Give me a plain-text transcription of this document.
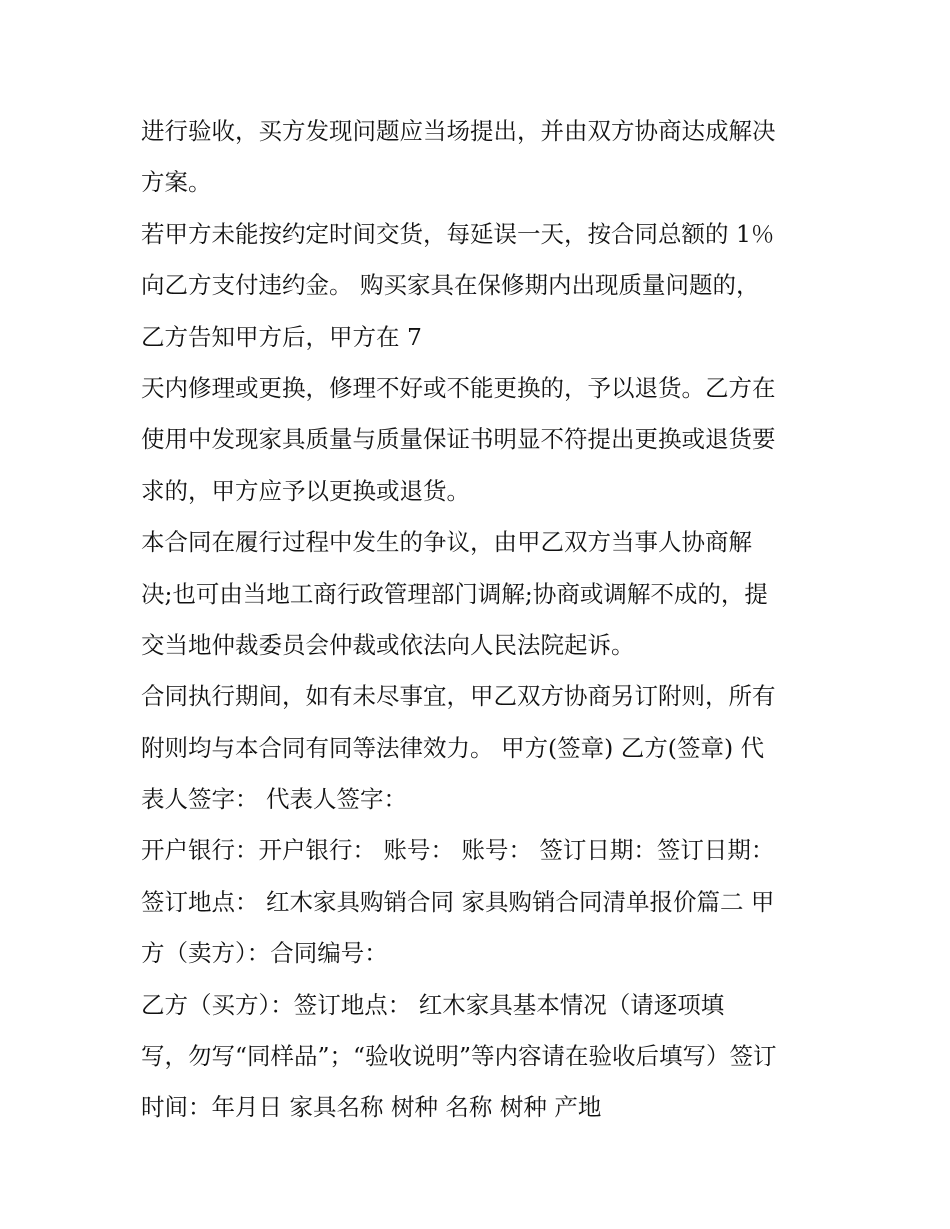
进行验收，买方发现问题应当场提出，并由双方协商达成解决
方案。
若甲方未能按约定时间交货，每延误一天，按合同总额的 1％
向乙方支付违约金。 购买家具在保修期内出现质量问题的，
乙方告知甲方后，甲方在 7
天内修理或更换，修理不好或不能更换的，予以退货。乙方在
使用中发现家具质量与质量保证书明显不符提出更换或退货要
求的，甲方应予以更换或退货。
本合同在履行过程中发生的争议，由甲乙双方当事人协商解
决;也可由当地工商行政管理部门调解;协商或调解不成的，提
交当地仲裁委员会仲裁或依法向人民法院起诉。
合同执行期间，如有未尽事宜，甲乙双方协商另订附则，所有
附则均与本合同有同等法律效力。 甲方(签章) 乙方(签章) 代
表人签字： 代表人签字：
开户银行：开户银行： 账号： 账号： 签订日期：签订日期：
签订地点： 红木家具购销合同 家具购销合同清单报价篇二 甲
方（卖方）：合同编号：
乙方（买方）：签订地点： 红木家具基本情况（请逐项填
写，勿写“同样品”；“验收说明”等内容请在验收后填写）签订
时间：年月日 家具名称 树种 名称 树种 产地
